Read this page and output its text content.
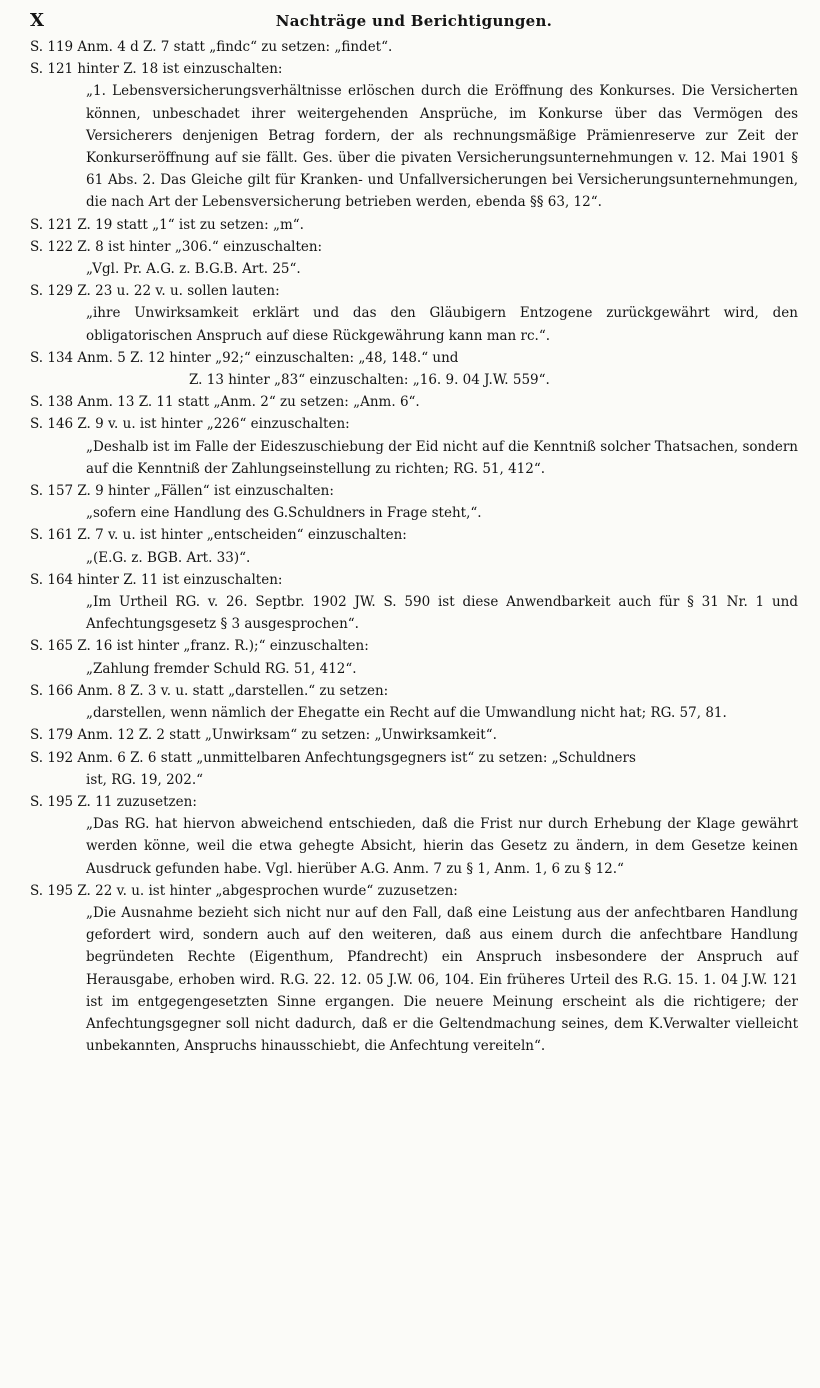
X	Nachträge und Berichtigungen.
S. 119 Anm. 4 d Z. 7 statt „findc“ zu setzen: „findet“.
S. 121 hinter Z. 18 ist einzuschalten:
„1. Lebensversicherungsverhältnisse erlöschen durch die Eröffnung des Konkurses. Die Versicherten können, unbeschadet ihrer weitergehenden Ansprüche, im Konkurse über das Vermögen des Versicherers denjenigen Betrag fordern, der als rechnungsmäßige Prämienreserve zur Zeit der Konkurseröffnung auf sie fällt. Ges. über die pivaten Versicherungsunternehmungen v. 12. Mai 1901 § 61 Abs. 2. Das Gleiche gilt für Kranken- und Unfallversicherungen bei Versicherungsunternehmungen, die nach Art der Lebensversicherung betrieben werden, ebenda §§ 63, 12“.
S. 121 Z. 19 statt „1“ ist zu setzen: „m“.
S. 122 Z. 8 ist hinter „306.“ einzuschalten:
„Vgl. Pr. A.G. z. B.G.B. Art. 25“.
S. 129 Z. 23 u. 22 v. u. sollen lauten:
„ihre Unwirksamkeit erklärt und das den Gläubigern Entzogene zurückgewährt wird, den obligatorischen Anspruch auf diese Rückgewährung kann man rc.“.
S. 134 Anm. 5 Z. 12 hinter „92;“ einzuschalten: „48, 148.“ und
Z. 13 hinter „83“ einzuschalten: „16. 9. 04 J.W. 559“.
S. 138 Anm. 13 Z. 11 statt „Anm. 2“ zu setzen: „Anm. 6“.
S. 146 Z. 9 v. u. ist hinter „226“ einzuschalten:
„Deshalb ist im Falle der Eideszuschiebung der Eid nicht auf die Kenntniß solcher Thatsachen, sondern auf die Kenntniß der Zahlungseinstellung zu richten; RG. 51, 412“.
S. 157 Z. 9 hinter „Fällen“ ist einzuschalten:
„sofern eine Handlung des G.Schuldners in Frage steht,“.
S. 161 Z. 7 v. u. ist hinter „entscheiden“ einzuschalten:
„(E.G. z. BGB. Art. 33)“.
S. 164 hinter Z. 11 ist einzuschalten:
„Im Urtheil RG. v. 26. Septbr. 1902 JW. S. 590 ist diese Anwendbarkeit auch für § 31 Nr. 1 und Anfechtungsgesetz § 3 ausgesprochen“.
S. 165 Z. 16 ist hinter „franz. R.);“ einzuschalten:
„Zahlung fremder Schuld RG. 51, 412“.
S. 166 Anm. 8 Z. 3 v. u. statt „darstellen.“ zu setzen:
„darstellen, wenn nämlich der Ehegatte ein Recht auf die Umwandlung nicht hat; RG. 57, 81.
S. 179 Anm. 12 Z. 2 statt „Unwirksam“ zu setzen: „Unwirksamkeit“.
S. 192 Anm. 6 Z. 6 statt „unmittelbaren Anfechtungsgegners ist“ zu setzen: „Schuldners
ist, RG. 19, 202.“
S. 195 Z. 11 zuzusetzen:
„Das RG. hat hiervon abweichend entschieden, daß die Frist nur durch Erhebung der Klage gewährt werden könne, weil die etwa gehegte Absicht, hierin das Gesetz zu ändern, in dem Gesetze keinen Ausdruck gefunden habe. Vgl. hierüber A.G. Anm. 7 zu § 1, Anm. 1, 6 zu § 12.“
S. 195 Z. 22 v. u. ist hinter „abgesprochen wurde“ zuzusetzen:
„Die Ausnahme bezieht sich nicht nur auf den Fall, daß eine Leistung aus der anfechtbaren Handlung gefordert wird, sondern auch auf den weiteren, daß aus einem durch die anfechtbare Handlung begründeten Rechte (Eigenthum, Pfandrecht) ein Anspruch insbesondere der Anspruch auf Herausgabe, erhoben wird. R.G. 22. 12. 05 J.W. 06, 104. Ein früheres Urteil des R.G. 15. 1. 04 J.W. 121 ist im entgegengesetzten Sinne ergangen. Die neuere Meinung erscheint als die richtigere; der Anfechtungsgegner soll nicht dadurch, daß er die Geltendmachung seines, dem K.Verwalter vielleicht unbekannten, Anspruchs hinausschiebt, die Anfechtung vereiteln“.
